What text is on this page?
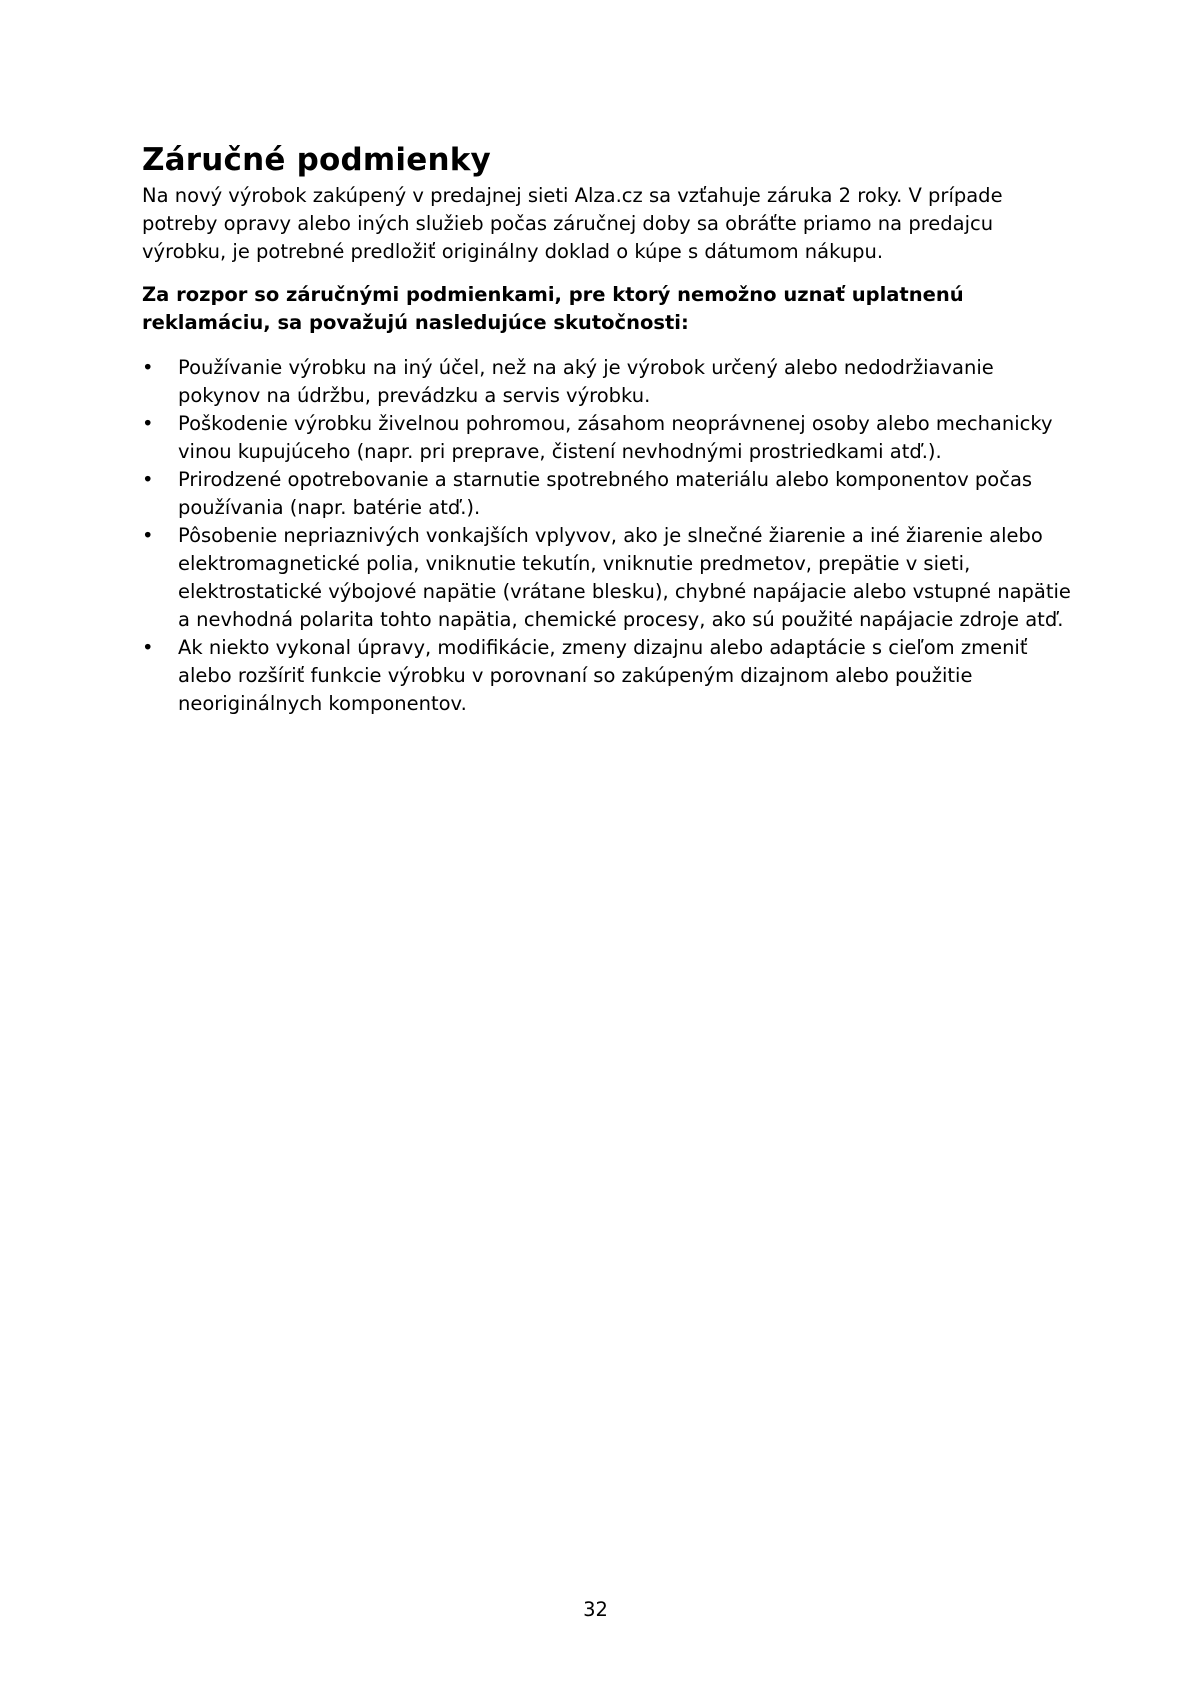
Záručné podmienky

Na nový výrobok zakúpený v predajnej sieti Alza.cz sa vzťahuje záruka 2 roky. V prípade potreby opravy alebo iných služieb počas záručnej doby sa obráťte priamo na predajcu výrobku, je potrebné predložiť originálny doklad o kúpe s dátumom nákupu.

Za rozpor so záručnými podmienkami, pre ktorý nemožno uznať uplatnenú reklamáciu, sa považujú nasledujúce skutočnosti:

•	Používanie výrobku na iný účel, než na aký je výrobok určený alebo nedodržiavanie pokynov na údržbu, prevádzku a servis výrobku.
•	Poškodenie výrobku živelnou pohromou, zásahom neoprávnenej osoby alebo mechanicky vinou kupujúceho (napr. pri preprave, čistení nevhodnými prostriedkami atď.).
•	Prirodzené opotrebovanie a starnutie spotrebného materiálu alebo komponentov počas používania (napr. batérie atď.).
•	Pôsobenie nepriaznivých vonkajších vplyvov, ako je slnečné žiarenie a iné žiarenie alebo elektromagnetické polia, vniknutie tekutín, vniknutie predmetov, prepätie v sieti, elektrostatické výbojové napätie (vrátane blesku), chybné napájacie alebo vstupné napätie a nevhodná polarita tohto napätia, chemické procesy, ako sú použité napájacie zdroje atď.
•	Ak niekto vykonal úpravy, modifikácie, zmeny dizajnu alebo adaptácie s cieľom zmeniť alebo rozšíriť funkcie výrobku v porovnaní so zakúpeným dizajnom alebo použitie neoriginálnych komponentov.
32
